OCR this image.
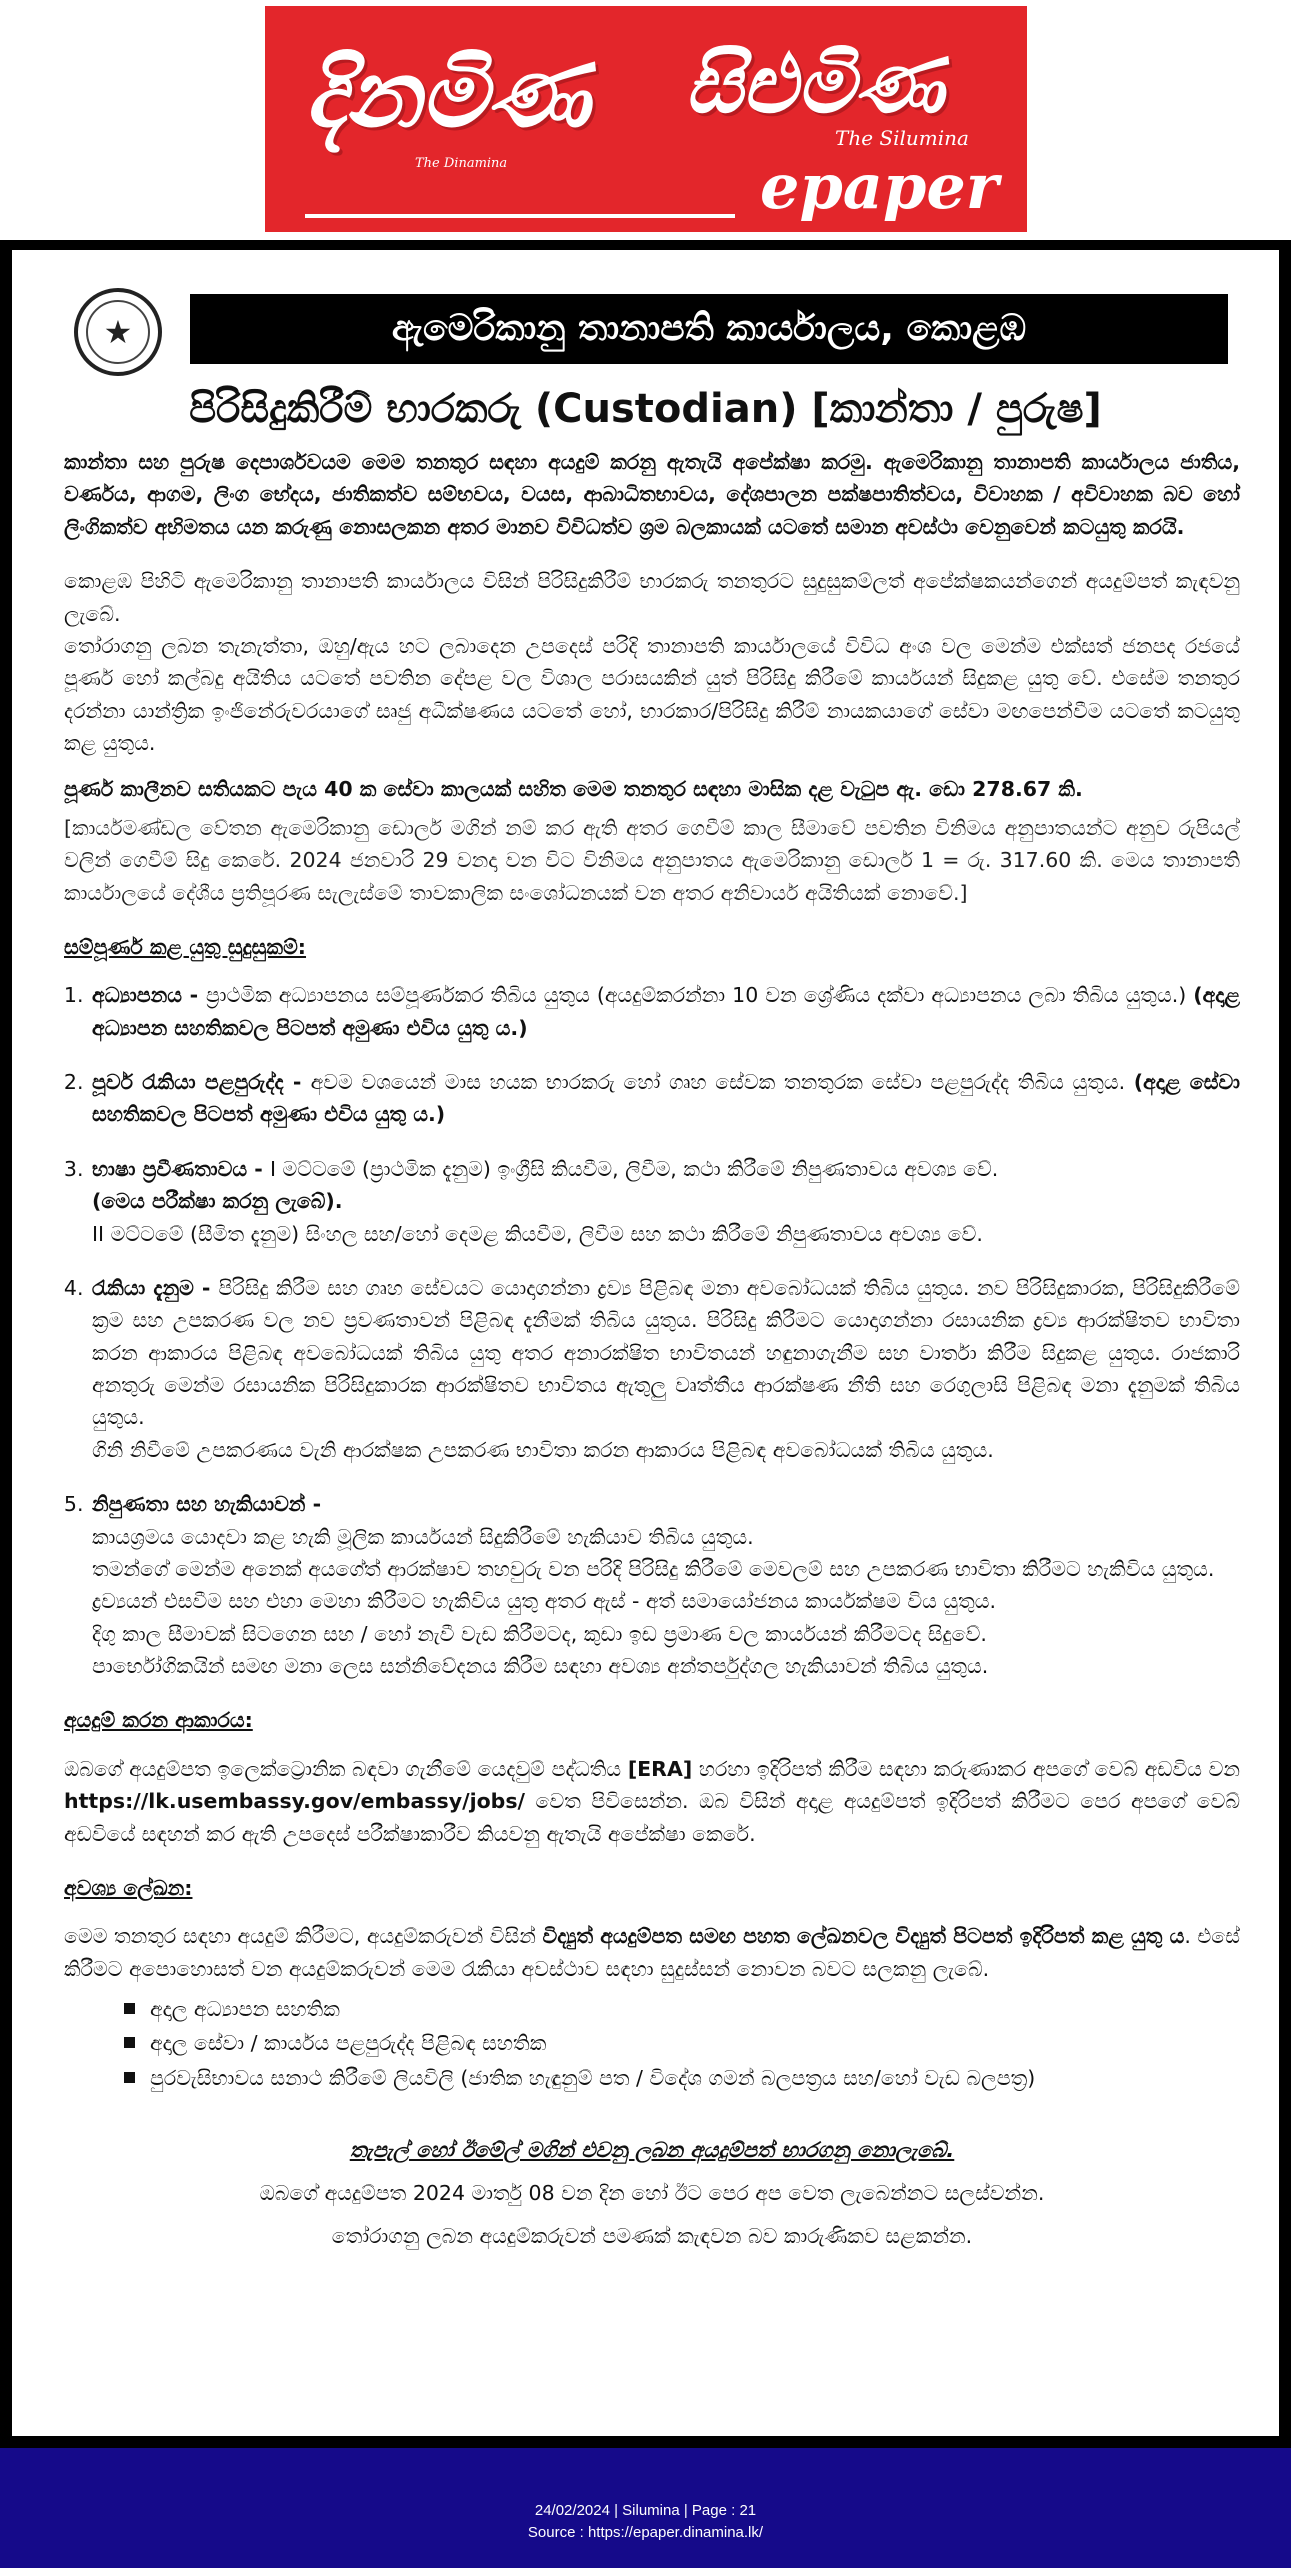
දිනමිණ
The Dinamina
සිළුමිණ
The Silumina
epaper
★	ඇමෙරිකානු තානාපති කාර්යාලය, කොළඹ
පිරිසිදුකිරීම් භාරකරු (Custodian) [කාන්තා / පුරුෂ]

කාන්තා සහ පුරුෂ දෙපාර්ශවයම මෙම තනතුර සඳහා අයදුම් කරනු ඇතැයි අපේක්ෂා කරමු. ඇමෙරිකානු තානාපති කාර්යාලය ජාතිය, වර්ණය, ආගම, ලිංග භේදය, ජාතිකත්ව සම්භවය, වයස, ආබාධිතභාවය, දේශපාලන පක්ෂපාතිත්වය, විවාහක / අවිවාහක බව හෝ ලිංගිකත්ව අභිමතය යන කරුණු නොසලකන අතර මානව විවිධත්ව ශ්‍රම බලකායක් යටතේ සමාන අවස්ථා වෙනුවෙන් කටයුතු කරයි.

කොළඹ පිහිටි ඇමෙරිකානු තානාපති කාර්යාලය විසින් පිරිසිදුකිරීම් භාරකරු තනතුරට සුදුසුකම්ලත් අපේක්ෂකයන්ගෙන් අයදුම්පත් කැඳවනු ලැබේ.

තෝරාගනු ලබන තැනැත්තා, ඔහු/ඇය හට ලබාදෙන උපදෙස් පරිදි තානාපති කාර්යාලයේ විවිධ අංශ වල මෙන්ම එක්සත් ජනපද රජයේ පූර්ණ හෝ කල්බදු අයිතිය යටතේ පවතින දේපළ වල විශාල පරාසයකින් යුත් පිරිසිදු කිරීමේ කාර්යයන් සිදුකළ යුතු වේ. එසේම තනතුර දරන්නා යාන්ත්‍රික ඉංජිනේරුවරයාගේ සෘජු අධීක්ෂණය යටතේ හෝ, භාරකාර/පිරිසිදු කිරීම් නායකයාගේ සේවා මඟපෙන්වීම යටතේ කටයුතු කළ යුතුය.

පූර්ණ කාලීනව සතියකට පැය 40 ක සේවා කාලයක් සහිත මෙම තනතුර සඳහා මාසික දළ වැටුප ඇ. ඩො 278.67 කි.

[කාර්යමණ්ඩල වේතන ඇමෙරිකානු ඩොලර් මගින් නම් කර ඇති අතර ගෙවීම් කාල සීමාවේ පවතින විනිමය අනුපාතයන්ට අනුව රුපියල් වලින් ගෙවීම් සිදු කෙරේ. 2024 ජනවාරි 29 වනදා වන විට විනිමය අනුපාතය ඇමෙරිකානු ඩොලර් 1 = රු. 317.60 කි. මෙය තානාපති කාර්යාලයේ දේශීය ප්‍රතිපූරණ සැලැස්මේ තාවකාලික සංශෝධනයක් වන අතර අනිවාර්ය අයිතියක් නොවේ.]

සම්පූර්ණ කළ යුතු සුදුසුකම්:
1. අධ්‍යාපනය - ප්‍රාථමික අධ්‍යාපනය සම්පූර්ණකර තිබිය යුතුය (අයදුම්කරන්නා 10 වන ශ්‍රේණිය දක්වා අධ්‍යාපනය ලබා තිබිය යුතුය.) (අදාළ අධ්‍යාපන සහතිකවල පිටපත් අමුණා එවිය යුතු ය.)
2. පූර්ව රැකියා පළපුරුද්ද - අවම වශයෙන් මාස හයක භාරකරු හෝ ගෘහ සේවක තනතුරක සේවා පළපුරුද්ද තිබිය යුතුය. (අදාළ සේවා සහතිකවල පිටපත් අමුණා එවිය යුතු ය.)
3. භාෂා ප්‍රවීණතාවය - I මට්ටමේ (ප්‍රාථමික දැනුම) ඉංග්‍රීසි කියවීම, ලිවීම, කථා කිරීමේ නිපුණතාවය අවශ්‍ය වේ.
(මෙය පරීක්ෂා කරනු ලැබේ).
II මට්ටමේ (සීමිත දැනුම) සිංහල සහ/හෝ දෙමළ කියවීම, ලිවීම සහ කථා කිරීමේ නිපුණතාවය අවශ්‍ය වේ.
4. රැකියා දැනුම - පිරිසිදු කිරීම සහ ගෘහ සේවයට යොදාගන්නා ද්‍රව්‍ය පිළිබඳ මනා අවබෝධයක් තිබිය යුතුය. නව පිරිසිදුකාරක, පිරිසිදුකිරීමේ ක්‍රම සහ උපකරණ වල නව ප්‍රවණතාවන් පිළිබඳ දැනීමක් තිබිය යුතුය. පිරිසිදු කිරීමට යොදාගන්නා රසායනික ද්‍රව්‍ය ආරක්ෂිතව භාවිතා කරන ආකාරය පිළිබඳ අවබෝධයක් තිබිය යුතු අතර අනාරක්ෂිත භාවිතයන් හඳුනාගැනීම සහ වාර්තා කිරීම සිදුකළ යුතුය. රාජකාරි අනතුරු මෙන්ම රසායනික පිරිසිදුකාරක ආරක්ෂිතව භාවිතය ඇතුලු වෘත්තීය ආරක්ෂණ නීති සහ රෙගුලාසි පිළිබඳ මනා දැනුමක් තිබිය යුතුය.
ගිනි නිවීමේ උපකරණය වැනි ආරක්ෂක උපකරණ භාවිතා කරන ආකාරය පිළිබඳ අවබෝධයක් තිබිය යුතුය.
5. නිපුණතා සහ හැකියාවන් -
කායශ්‍රමය යොදවා කළ හැකි මූලික කාර්යයන් සිදුකිරීමේ හැකියාව තිබිය යුතුය.
තමන්ගේ මෙන්ම අනෙක් අයගේත් ආරක්ෂාව තහවුරු වන පරිදි පිරිසිදු කිරීමේ මෙවලම් සහ උපකරණ භාවිතා කිරීමට හැකිවිය යුතුය.
ද්‍රව්‍යයන් එසවීම සහ එහා මෙහා කිරීමට හැකිවිය යුතු අතර ඇස් - අත් සමායෝජනය කාර්යක්ෂම විය යුතුය.
දිගු කාල සීමාවක් සිටගෙන සහ / හෝ නැවී වැඩ කිරීමටද, කුඩා ඉඩ ප්‍රමාණ වල කාර්යයන් කිරීමටද සිදුවේ.
පාර්භෝගිකයින් සමඟ මනා ලෙස සන්නිවේදනය කිරීම සඳහා අවශ්‍ය අන්තර්පුද්ගල හැකියාවන් තිබිය යුතුය.
අයදුම් කරන ආකාරය:

ඔබගේ අයදුම්පත ඉලෙක්ට්‍රොනික බඳවා ගැනීමේ යෙදවුම් පද්ධතිය [ERA] හරහා ඉදිරිපත් කිරීම සඳහා කරුණාකර අපගේ වෙබ් අඩවිය වන https://lk.usembassy.gov/embassy/jobs/ වෙත පිවිසෙන්න. ඔබ විසින් අදාළ අයදුම්පත් ඉදිරිපත් කිරීමට පෙර අපගේ වෙබ් අඩවියේ සඳහන් කර ඇති උපදෙස් පරීක්ෂාකාරීව කියවනු ඇතැයි අපේක්ෂා කෙරේ.

අවශ්‍ය ලේඛන:

මෙම තනතුර සඳහා අයදුම් කිරීමට, අයදුම්කරුවන් විසින් විද්‍යුත් අයදුම්පත සමඟ පහත ලේඛනවල විද්‍යුත් පිටපත් ඉදිරිපත් කළ යුතු ය. එසේ කිරීමට අපොහොසත් වන අයදුම්කරුවන් මෙම රැකියා අවස්ථාව සඳහා සුදුස්සන් නොවන බවට සලකනු ලැබේ.

අදාල අධ්‍යාපන සහතික
අදාල සේවා / කාර්යය පළපුරුද්ද පිළිබඳ සහතික
පුරවැසිභාවය සනාථ කිරීමේ ලියවිලි (ජාතික හැඳුනුම් පත / විදේශ ගමන් බලපත්‍රය සහ/හෝ වැඩ බලපත්‍ර)
තැපැල් හෝ ඊමේල් මගින් එවනු ලබන අයදුම්පත් භාරගනු නොලැබේ.
ඔබගේ අයදුම්පත 2024 මාර්තු 08 වන දින හෝ ඊට පෙර අප වෙත ලැබෙන්නට සලස්වන්න.
තෝරාගනු ලබන අයදුම්කරුවන් පමණක් කැඳවන බව කාරුණිකව සළකන්න.
24/02/2024 | Silumina | Page : 21
Source : https://epaper.dinamina.lk/
